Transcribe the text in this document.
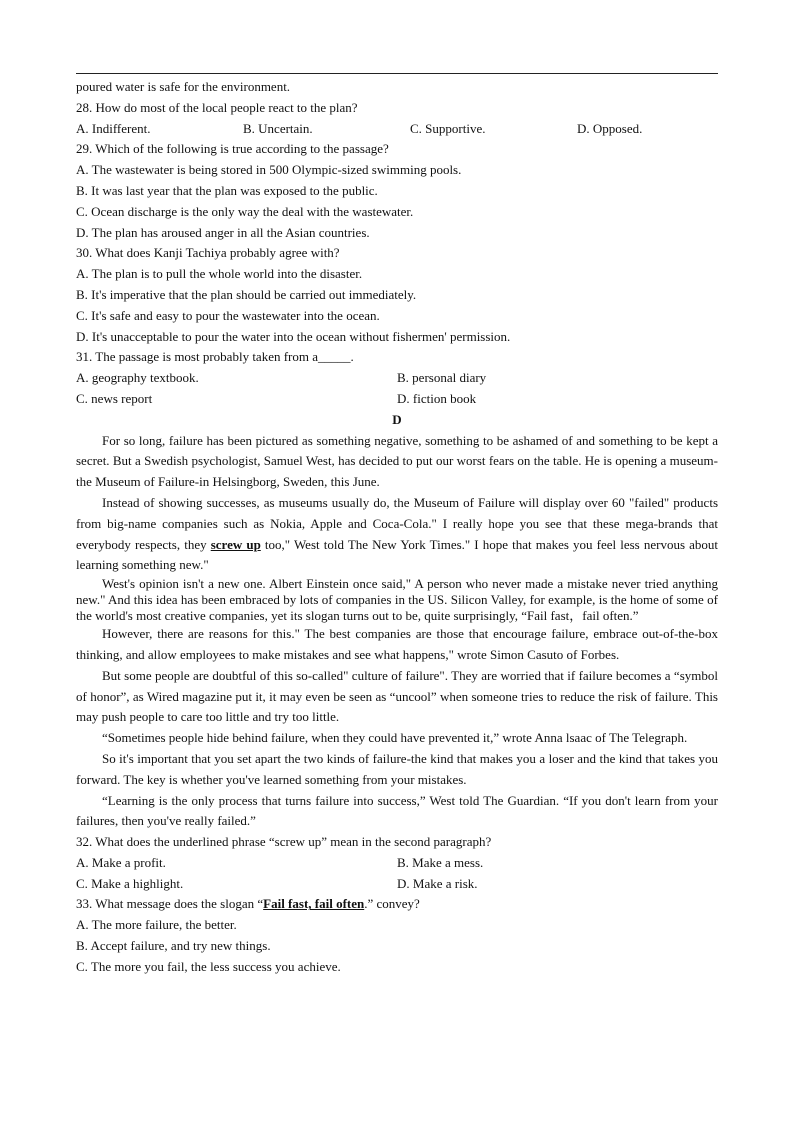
poured water is safe for the environment.

28. How do most of the local people react to the plan?

A. Indifferent.	B. Uncertain.	C. Supportive.	D. Opposed.

29. Which of the following is true according to the passage?

A. The wastewater is being stored in 500 Olympic-sized swimming pools.

B. It was last year that the plan was exposed to the public.

C. Ocean discharge is the only way the deal with the wastewater.

D. The plan has aroused anger in all the Asian countries.

30. What does Kanji Tachiya probably agree with?

A. The plan is to pull the whole world into the disaster.

B. It's imperative that the plan should be carried out immediately.

C. It's safe and easy to pour the wastewater into the ocean.

D. It's unacceptable to pour the water into the ocean without fishermen' permission.

31. The passage is most probably taken from a_____.

A. geography textbook.	B. personal diary
C. news report	D. fiction book

D

For so long, failure has been pictured as something negative, something to be ashamed of and something to be kept a secret. But a Swedish psychologist, Samuel West, has decided to put our worst fears on the table. He is opening a museum-the Museum of Failure-in Helsingborg, Sweden, this June.

Instead of showing successes, as museums usually do, the Museum of Failure will display over 60 "failed" products from big-name companies such as Nokia, Apple and Coca-Cola." I really hope you see that these mega-brands that everybody respects, they screw up too," West told The New York Times." I hope that makes you feel less nervous about learning something new."

West's opinion isn't a new one. Albert Einstein once said," A person who never made a mistake never tried anything new." And this idea has been embraced by lots of companies in the US. Silicon Valley, for example, is the home of some of the world's most creative companies, yet its slogan turns out to be, quite surprisingly, “Fail fast，fail often.”

However, there are reasons for this." The best companies are those that encourage failure, embrace out-of-the-box thinking, and allow employees to make mistakes and see what happens," wrote Simon Casuto of Forbes.

But some people are doubtful of this so-called" culture of failure". They are worried that if failure becomes a “symbol of honor”, as Wired magazine put it, it may even be seen as “uncool” when someone tries to reduce the risk of failure. This may push people to care too little and try too little.

“Sometimes people hide behind failure, when they could have prevented it,” wrote Anna lsaac of The Telegraph.

So it's important that you set apart the two kinds of failure-the kind that makes you a loser and the kind that takes you forward. The key is whether you've learned something from your mistakes.

“Learning is the only process that turns failure into success,” West told The Guardian. “If you don't learn from your failures, then you've really failed.”

32. What does the underlined phrase “screw up” mean in the second paragraph?

A. Make a profit.	B. Make a mess.
C. Make a highlight.	D. Make a risk.

33. What message does the slogan “Fail fast, fail often.” convey?

A. The more failure, the better.

B. Accept failure, and try new things.

C. The more you fail, the less success you achieve.
